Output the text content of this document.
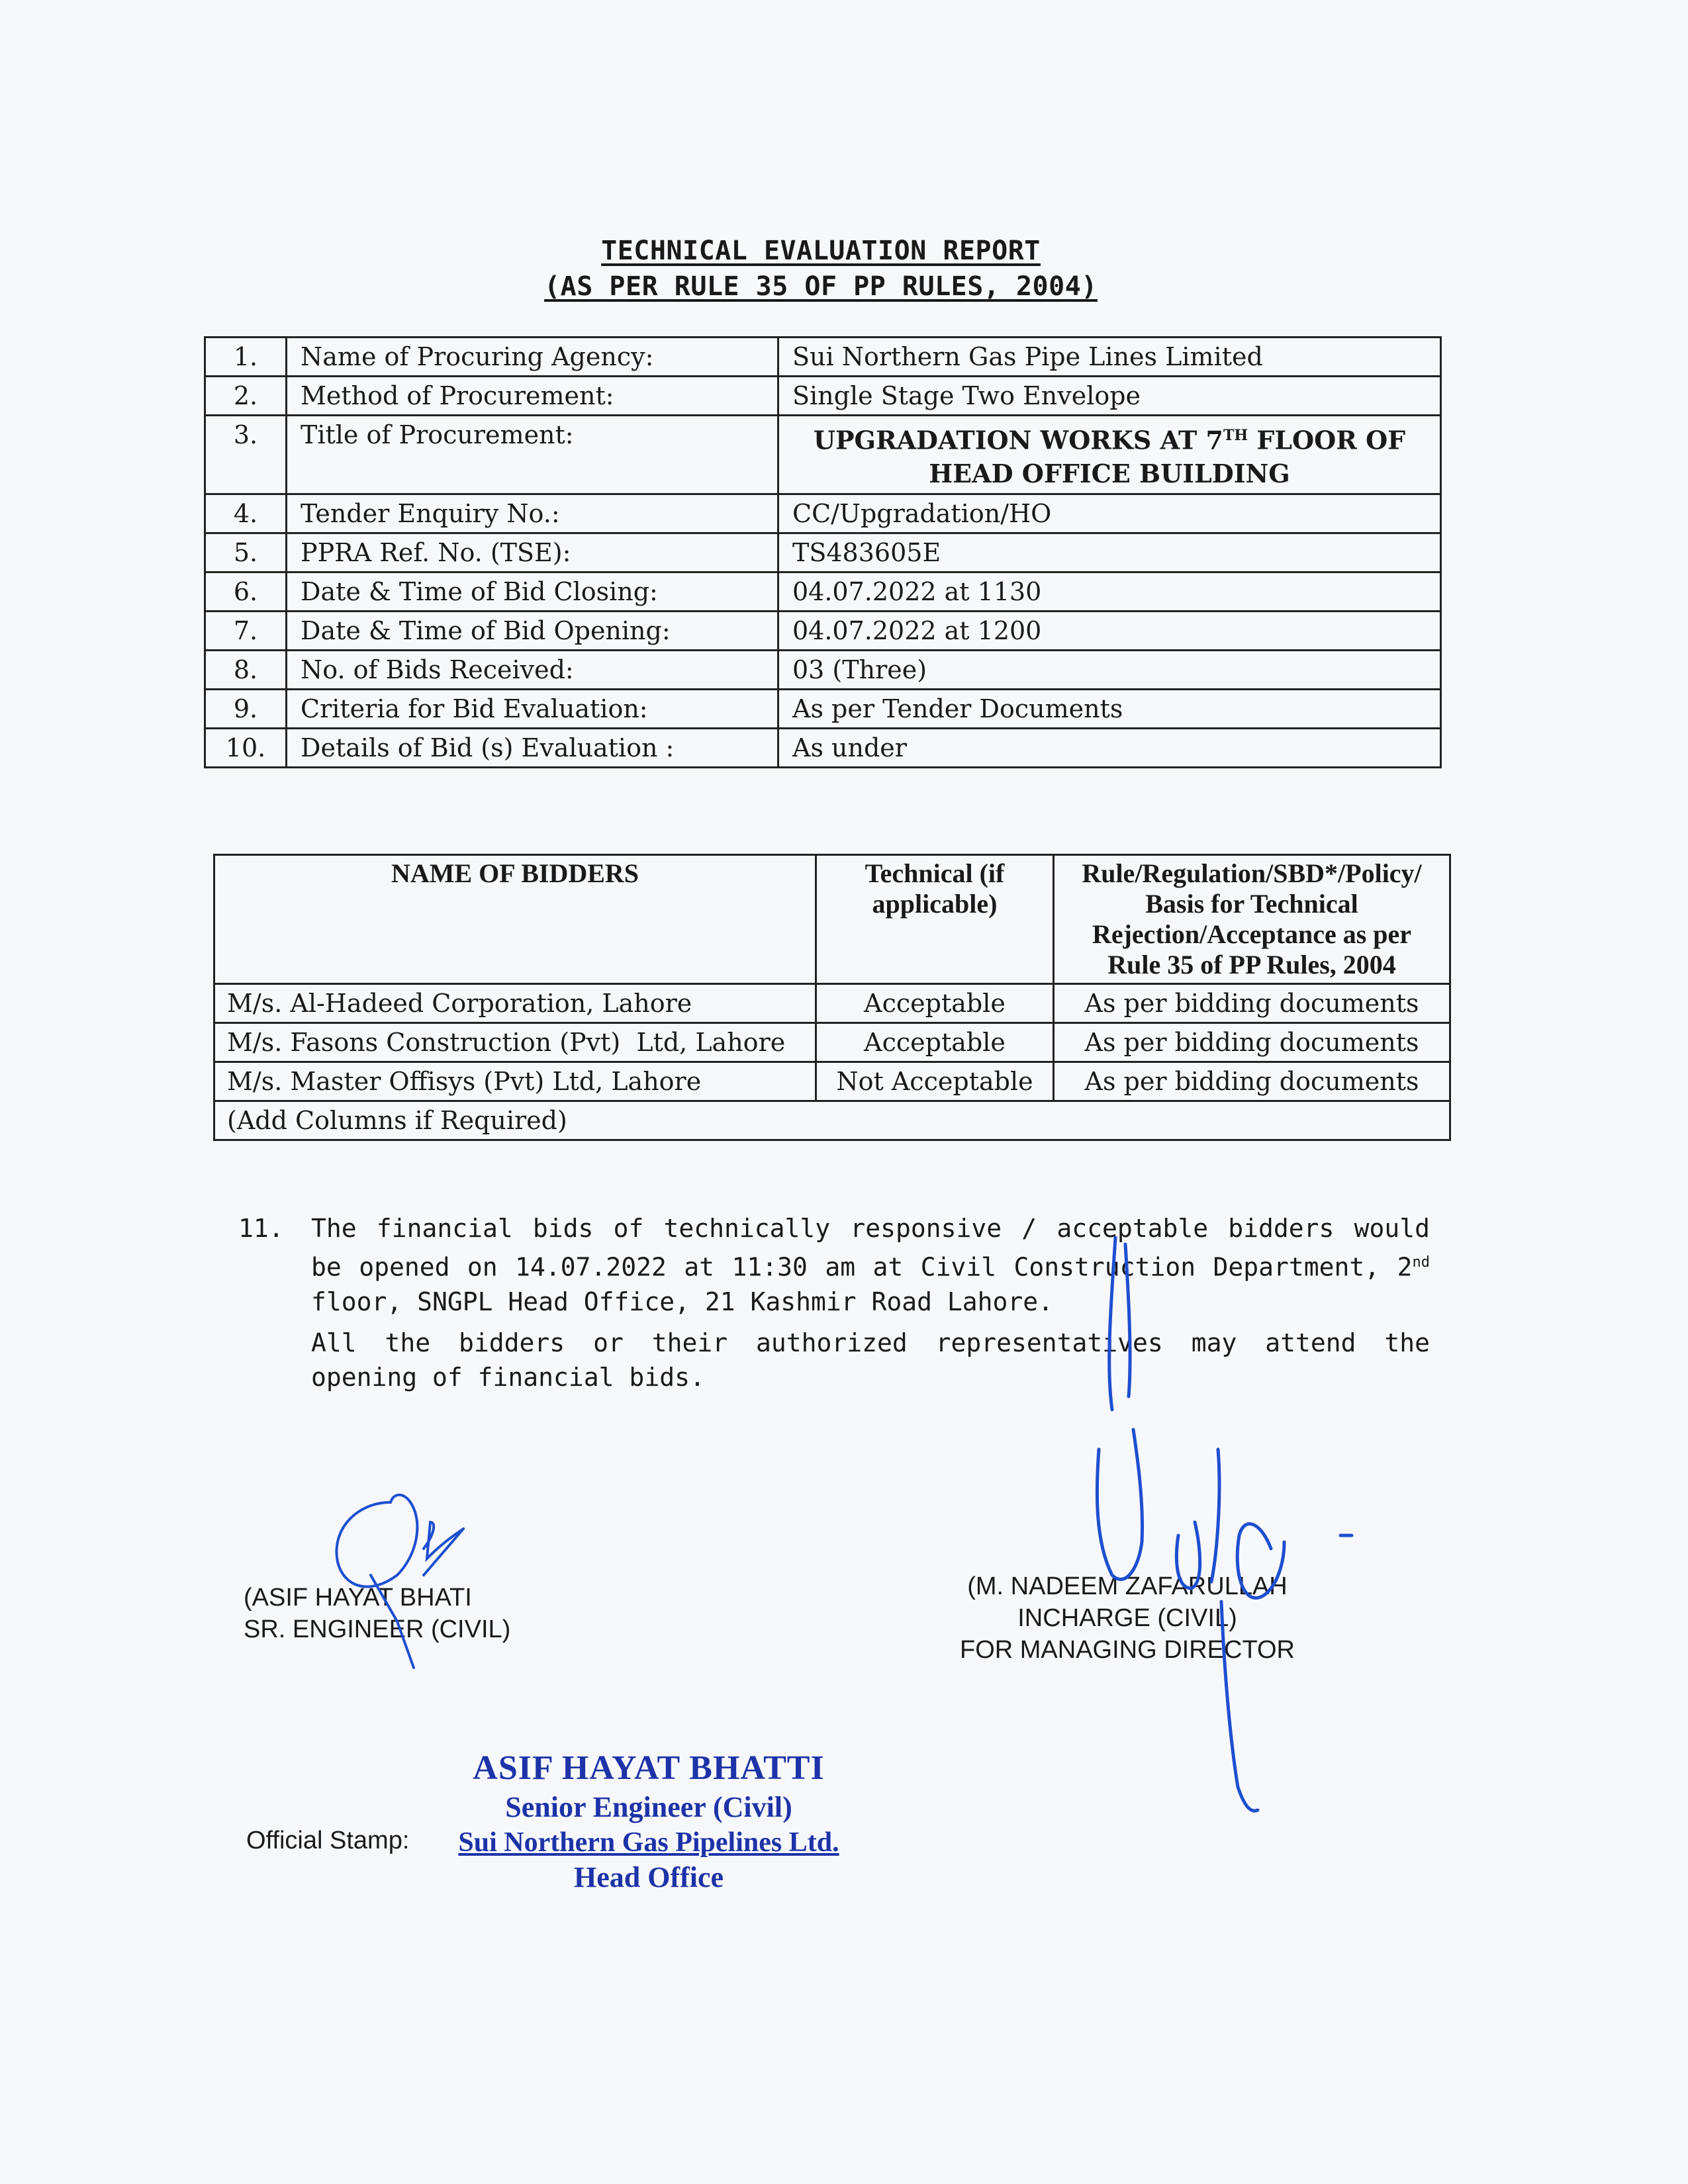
TECHNICAL EVALUATION REPORT
(AS PER RULE 35 OF PP RULES, 2004)
1.	Name of Procuring Agency:	Sui Northern Gas Pipe Lines Limited
2.	Method of Procurement:	Single Stage Two Envelope
3.	Title of Procurement:	UPGRADATION WORKS AT 7TH FLOOR OF HEAD OFFICE BUILDING
4.	Tender Enquiry No.:	CC/Upgradation/HO
5.	PPRA Ref. No. (TSE):	TS483605E
6.	Date & Time of Bid Closing:	04.07.2022 at 1130
7.	Date & Time of Bid Opening:	04.07.2022 at 1200
8.	No. of Bids Received:	03 (Three)
9.	Criteria for Bid Evaluation:	As per Tender Documents
10.	Details of Bid (s) Evaluation :	As under
NAME OF BIDDERS	Technical (if applicable)	Rule/Regulation/SBD*/Policy/ Basis for Technical Rejection/Acceptance as per Rule 35 of PP Rules, 2004
M/s. Al-Hadeed Corporation, Lahore	Acceptable	As per bidding documents
M/s. Fasons Construction (Pvt)  Ltd, Lahore	Acceptable	As per bidding documents
M/s. Master Offisys (Pvt) Ltd, Lahore	Not Acceptable	As per bidding documents
(Add Columns if Required)		
11. The financial bids of technically responsive / acceptable bidders would be opened on 14.07.2022 at 11:30 am at Civil Construction Department, 2nd floor, SNGPL Head Office, 21 Kashmir Road Lahore.
All the bidders or their authorized representatives may attend the opening of financial bids.
(ASIF HAYAT BHATI
SR. ENGINEER (CIVIL)
(M. NADEEM ZAFARULLAH
INCHARGE (CIVIL)
FOR MANAGING DIRECTOR
Official Stamp:
ASIF HAYAT BHATTI
Senior Engineer (Civil)
Sui Northern Gas Pipelines Ltd.
Head Office
